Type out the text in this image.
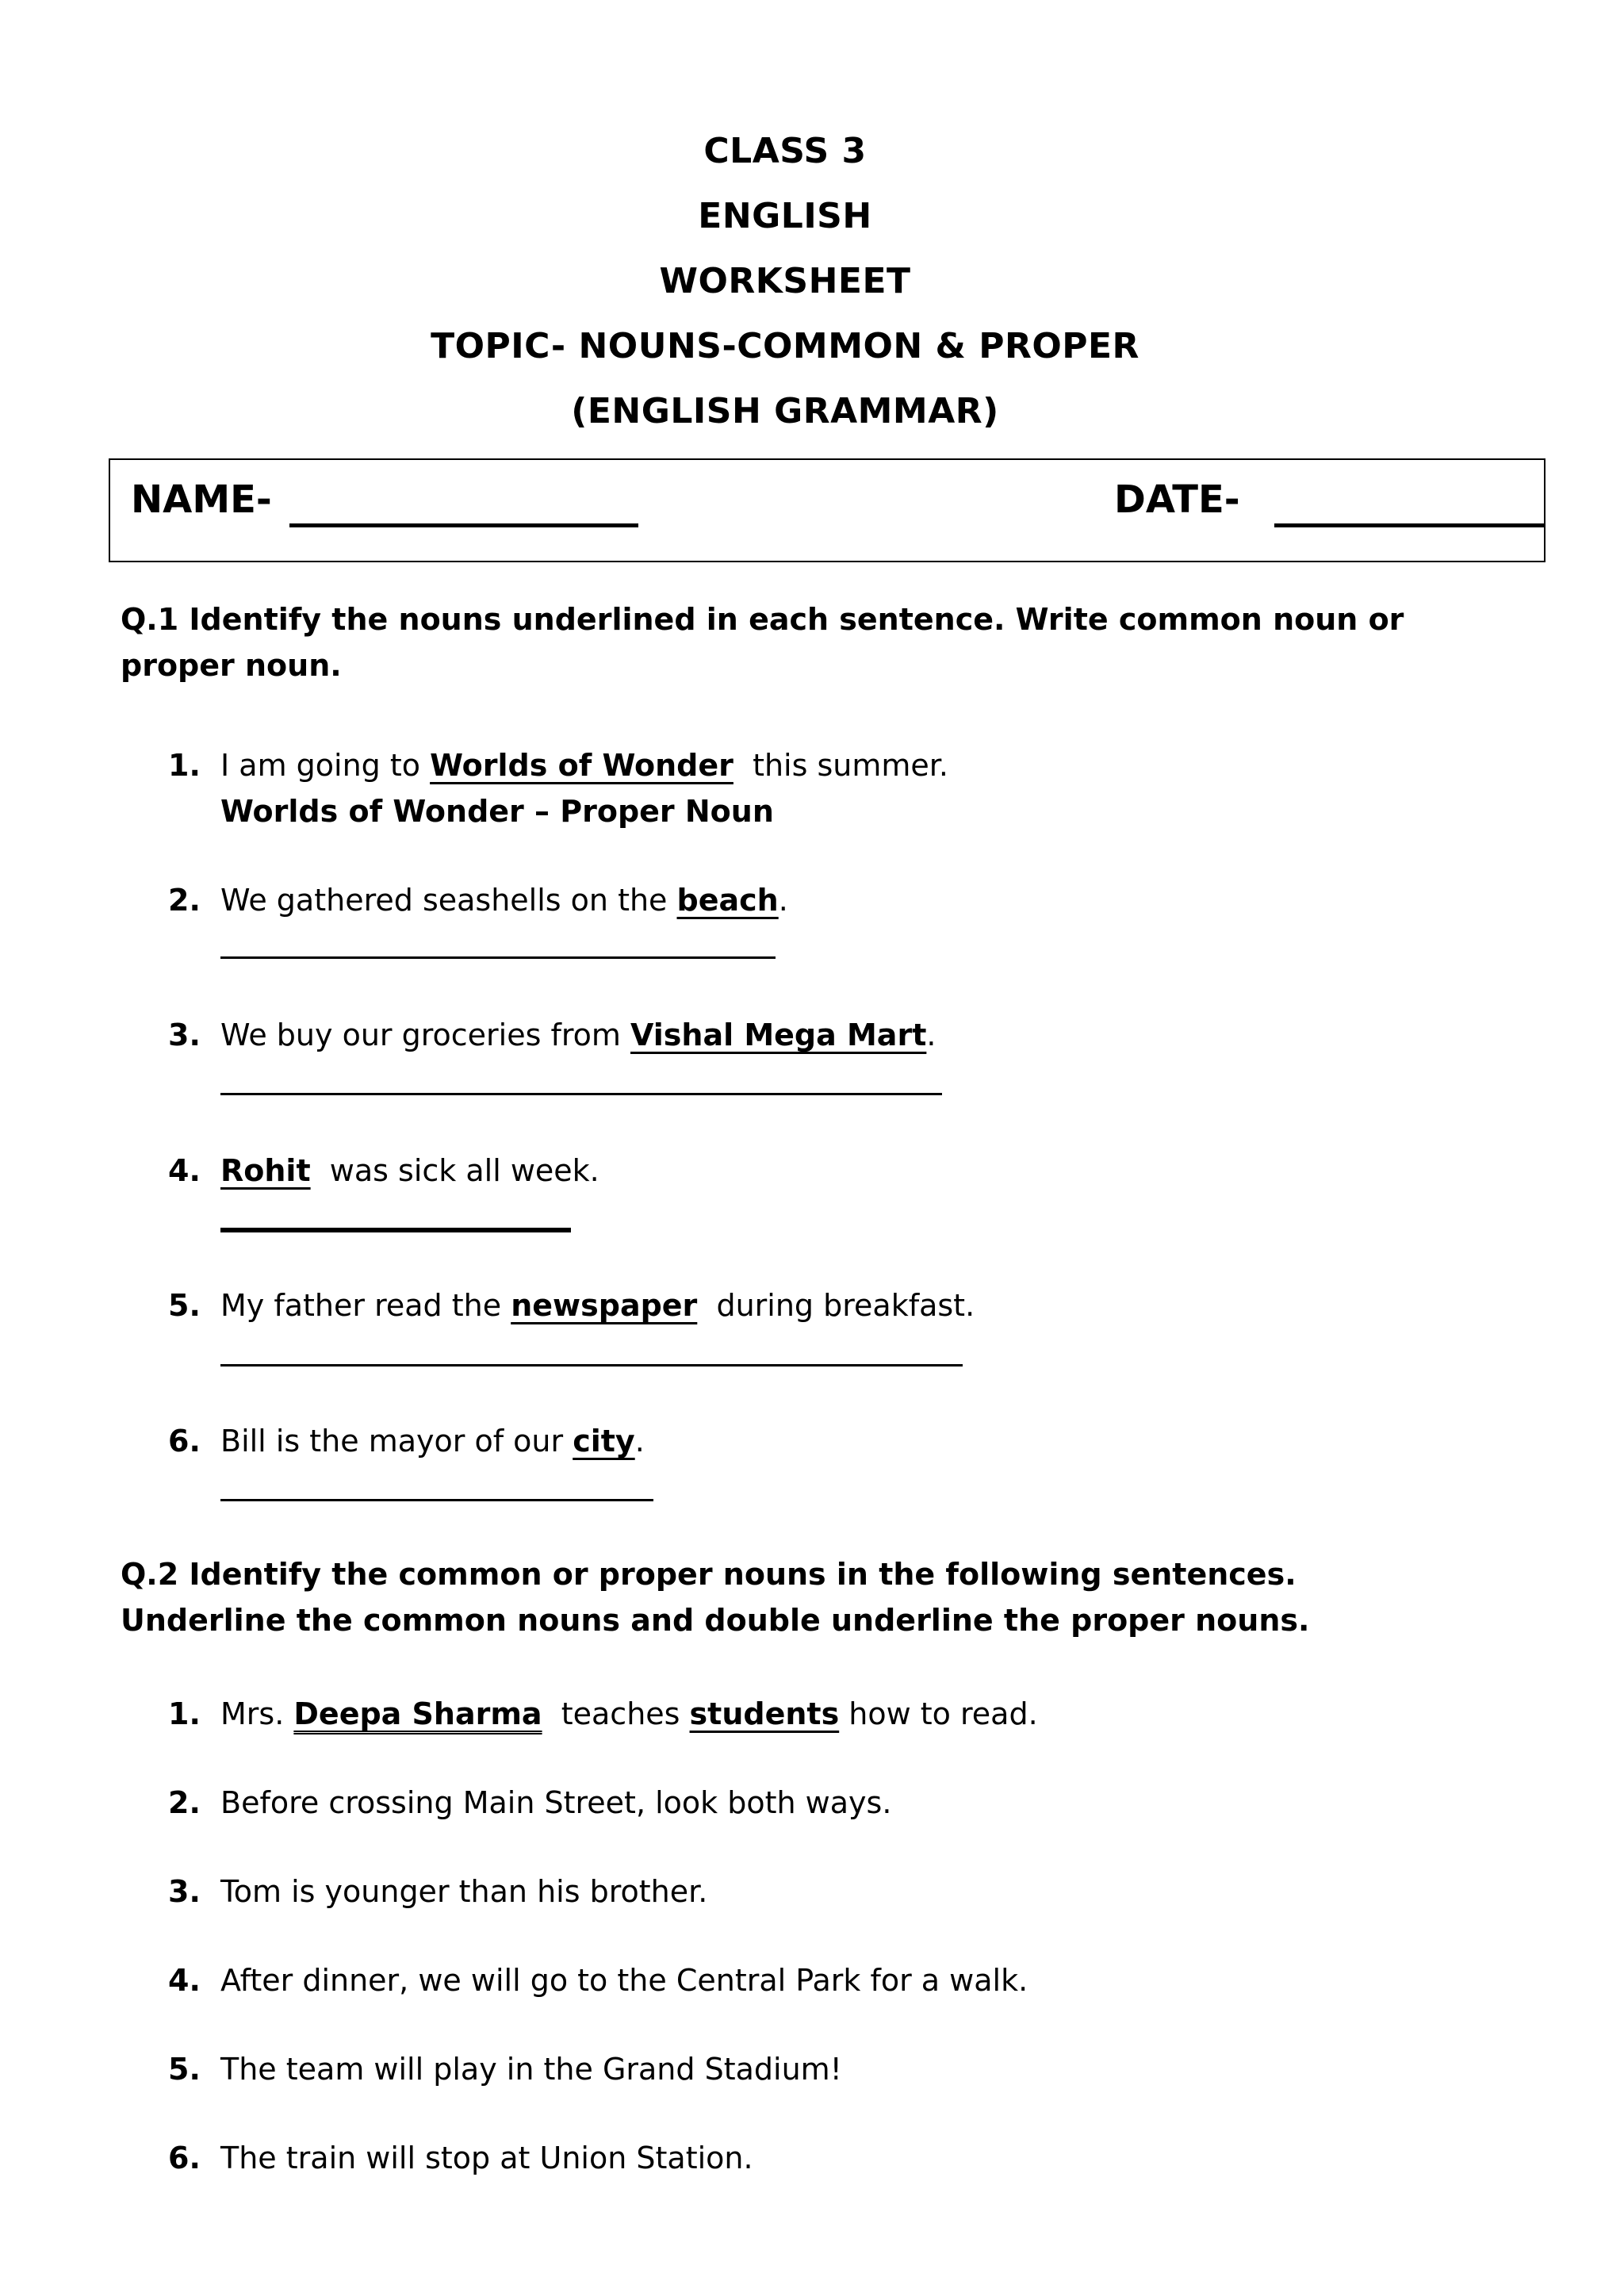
CLASS 3
ENGLISH
WORKSHEET
TOPIC- NOUNS-COMMON & PROPER
(ENGLISH GRAMMAR)
NAME-	DATE-
Q.1 Identify the nouns underlined in each sentence. Write common noun or proper noun.
1. I am going to Worlds of Wonder  this summer.
Worlds of Wonder – Proper Noun
2. We gathered seashells on the beach.
3. We buy our groceries from Vishal Mega Mart.
4. Rohit  was sick all week.
5. My father read the newspaper  during breakfast.
6. Bill is the mayor of our city.
Q.2 Identify the common or proper nouns in the following sentences. Underline the common nouns and double underline the proper nouns.
1. Mrs. Deepa Sharma  teaches students how to read.
2. Before crossing Main Street, look both ways.
3. Tom is younger than his brother.
4. After dinner, we will go to the Central Park for a walk.
5. The team will play in the Grand Stadium!
6. The train will stop at Union Station.
